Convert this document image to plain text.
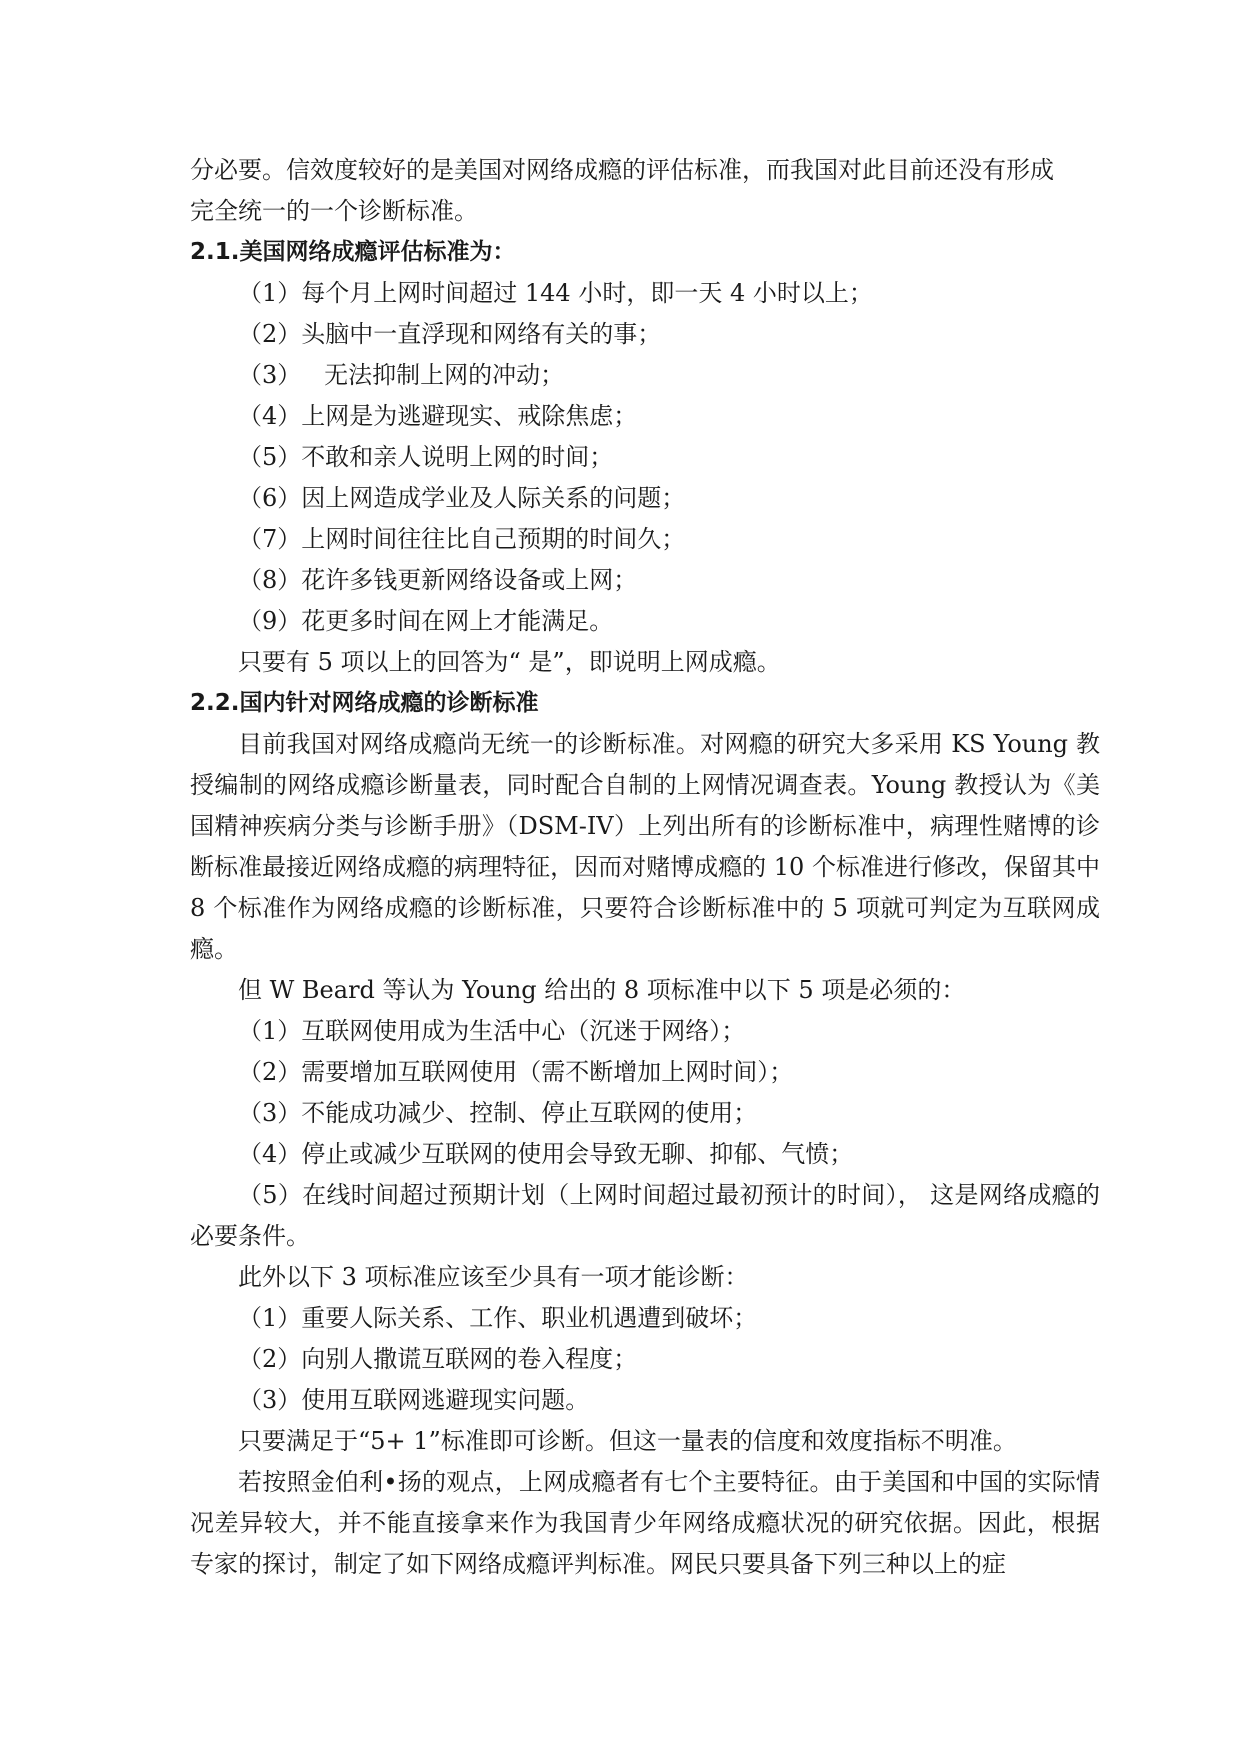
分必要。信效度较好的是美国对网络成瘾的评估标准，而我国对此目前还没有形成

完全统一的一个诊断标准。

2.1.美国网络成瘾评估标准为：

（1）每个月上网时间超过 144 小时，即一天 4 小时以上；

（2）头脑中一直浮现和网络有关的事；

（3）   无法抑制上网的冲动；

（4）上网是为逃避现实、戒除焦虑；

（5）不敢和亲人说明上网的时间；

（6）因上网造成学业及人际关系的问题；

（7）上网时间往往比自己预期的时间久；

（8）花许多钱更新网络设备或上网；

（9）花更多时间在网上才能满足。

只要有 5 项以上的回答为“ 是”，即说明上网成瘾。

2.2.国内针对网络成瘾的诊断标准

目前我国对网络成瘾尚无统一的诊断标准。对网瘾的研究大多采用 KS Young 教授编制的网络成瘾诊断量表，同时配合自制的上网情况调查表。Young 教授认为《美国精神疾病分类与诊断手册》（DSM-IV）上列出所有的诊断标准中，病理性赌博的诊断标准最接近网络成瘾的病理特征，因而对赌博成瘾的 10 个标准进行修改，保留其中 8 个标准作为网络成瘾的诊断标准，只要符合诊断标准中的 5 项就可判定为互联网成瘾。

但 W Beard 等认为 Young 给出的 8 项标准中以下 5 项是必须的：

（1）互联网使用成为生活中心（沉迷于网络）；

（2）需要增加互联网使用（需不断增加上网时间）；

（3）不能成功减少、控制、停止互联网的使用；

（4）停止或减少互联网的使用会导致无聊、抑郁、气愤；

（5）在线时间超过预期计划（上网时间超过最初预计的时间）， 这是网络成瘾的必要条件。

此外以下 3 项标准应该至少具有一项才能诊断：

（1）重要人际关系、工作、职业机遇遭到破坏；

（2）向别人撒谎互联网的卷入程度；

（3）使用互联网逃避现实问题。

只要满足于“5+ 1”标准即可诊断。但这一量表的信度和效度指标不明准。

若按照金伯利•扬的观点，上网成瘾者有七个主要特征。由于美国和中国的实际情况差异较大，并不能直接拿来作为我国青少年网络成瘾状况的研究依据。因此，根据专家的探讨，制定了如下网络成瘾评判标准。网民只要具备下列三种以上的症
